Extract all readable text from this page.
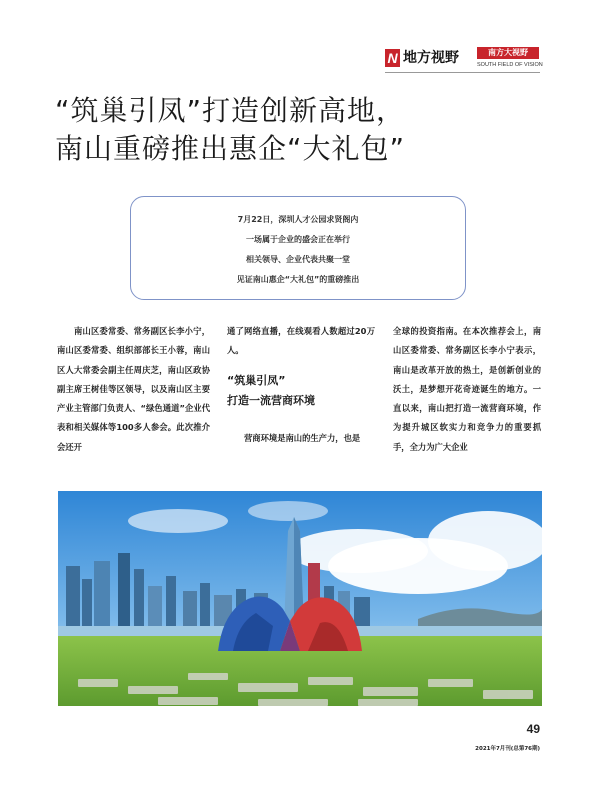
N 地方视野	南方大视野
SOUTH FIELD OF VISION
“筑巢引凤”打造创新高地，
南山重磅推出惠企“大礼包”
7月22日，深圳人才公园求贤阁内
一场属于企业的盛会正在举行
相关领导、企业代表共聚一堂
见证南山惠企“大礼包”的重磅推出

南山区委常委、常务副区长李小宁，南山区委常委、组织部部长王小蓉，南山区人大常委会副主任周庆芝，南山区政协副主席王树佳等区领导，以及南山区主要产业主管部门负责人、“绿色通道”企业代表和相关媒体等100多人参会。此次推介会还开

通了网络直播，在线观看人数超过20万人。

“筑巢引凤”
打造一流营商环境

营商环境是南山的生产力，也是

全球的投资指南。在本次推荐会上，南山区委常委、常务副区长李小宁表示，南山是改革开放的热土，是创新创业的沃土，是梦想开花奇迹诞生的地方。一直以来，南山把打造一流营商环境，作为提升城区软实力和竞争力的重要抓手，全力为广大企业

49
2021年7月刊(总第76期)
